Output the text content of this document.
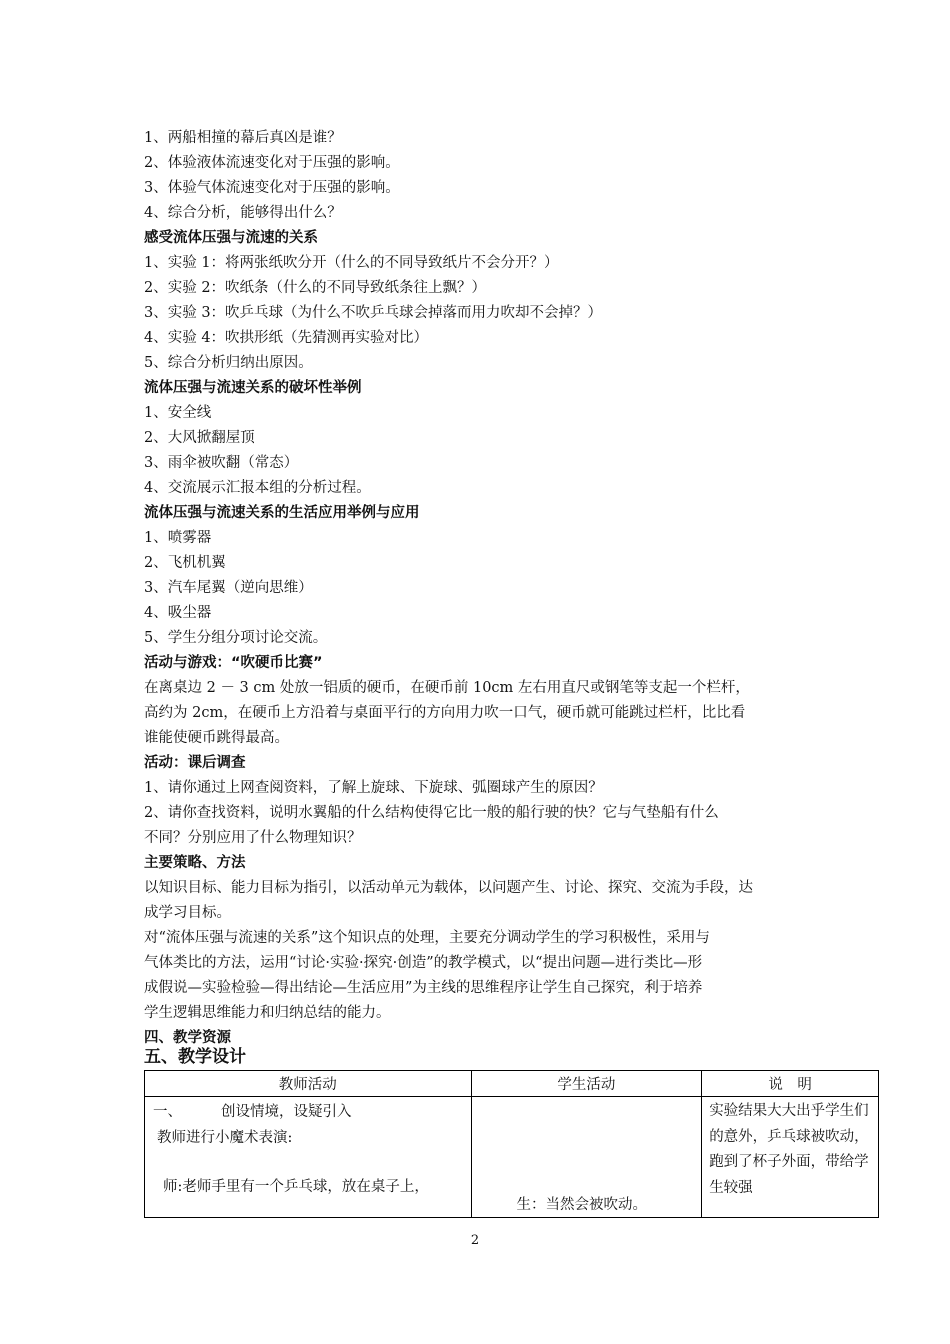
1、两船相撞的幕后真凶是谁？
2、体验液体流速变化对于压强的影响。
3、体验气体流速变化对于压强的影响。
4、综合分析，能够得出什么？
感受流体压强与流速的关系
1、实验 1：将两张纸吹分开（什么的不同导致纸片不会分开？）
2、实验 2：吹纸条（什么的不同导致纸条往上飘？）
3、实验 3：吹乒乓球（为什么不吹乒乓球会掉落而用力吹却不会掉？）
4、实验 4：吹拱形纸（先猜测再实验对比）
5、综合分析归纳出原因。
流体压强与流速关系的破坏性举例
1、安全线
2、大风掀翻屋顶
3、雨伞被吹翻（常态）
4、交流展示汇报本组的分析过程。
流体压强与流速关系的生活应用举例与应用
1、喷雾器
2、飞机机翼
3、汽车尾翼（逆向思维）
4、吸尘器
5、学生分组分项讨论交流。
活动与游戏：“吹硬币比赛”
在离桌边 2 － 3 cm 处放一铝质的硬币，在硬币前 10cm 左右用直尺或钢笔等支起一个栏杆，
高约为 2cm，在硬币上方沿着与桌面平行的方向用力吹一口气，硬币就可能跳过栏杆，比比看
谁能使硬币跳得最高。
活动：课后调查
1、请你通过上网查阅资料，了解上旋球、下旋球、弧圈球产生的原因？
2、请你查找资料，说明水翼船的什么结构使得它比一般的船行驶的快？它与气垫船有什么
不同？分别应用了什么物理知识？
主要策略、方法
以知识目标、能力目标为指引，以活动单元为载体，以问题产生、讨论、探究、交流为手段，达
成学习目标。
对“流体压强与流速的关系”这个知识点的处理，主要充分调动学生的学习积极性，采用与
气体类比的方法，运用“讨论·实验·探究·创造”的教学模式，以“提出问题—进行类比—形
成假说—实验检验—得出结论—生活应用”为主线的思维程序让学生自己探究，利于培养
学生逻辑思维能力和归纳总结的能力。
四、教学资源
五、教学设计
教师活动	学生活动	说　明

一、 创设情境，设疑引入
教师进行小魔术表演:
师:老师手里有一个乒乓球，放在桌子上，	生：当然会被吹动。	实验结果大大出乎学生们的意外，乒乓球被吹动，跑到了杯子外面，带给学生较强
2
